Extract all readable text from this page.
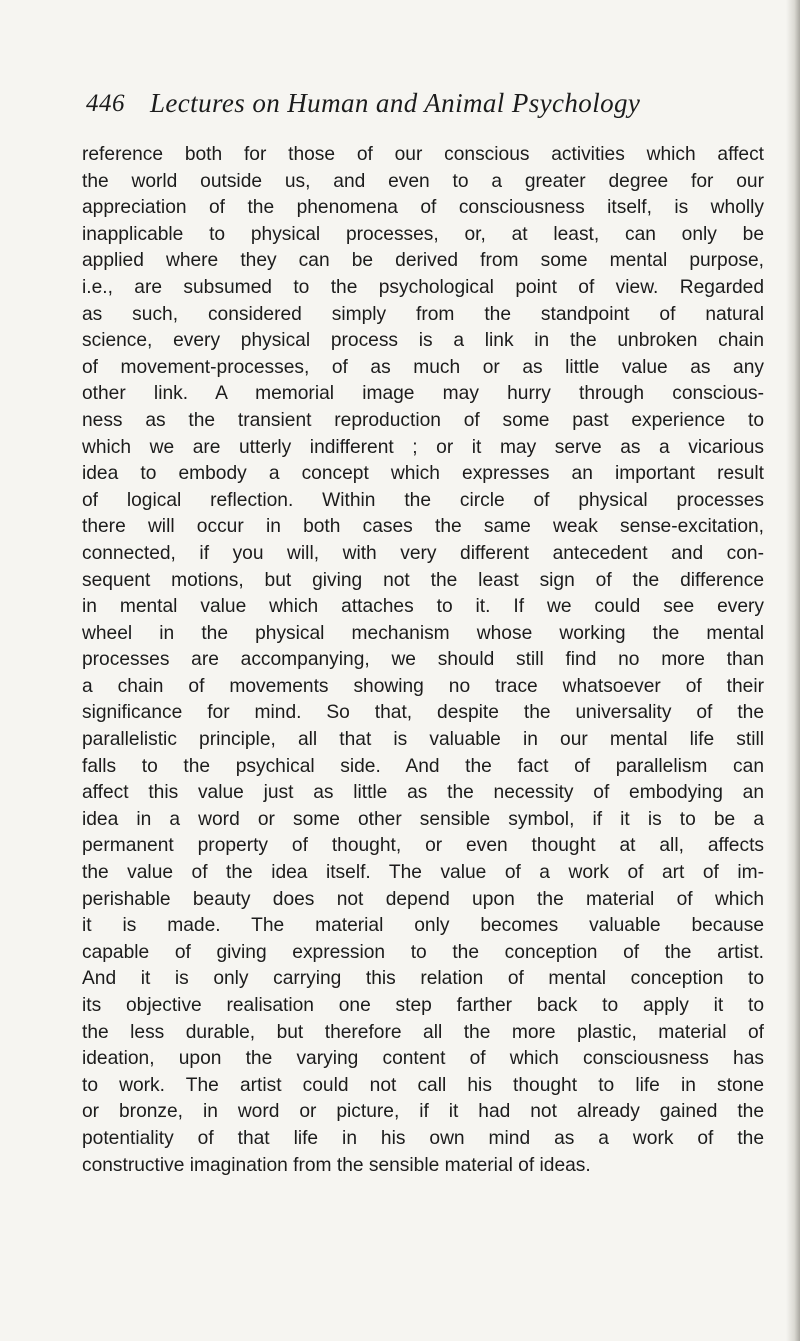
446 Lectures on Human and Animal Psychology
reference both for those of our conscious activities which affect
the world outside us, and even to a greater degree for our
appreciation of the phenomena of consciousness itself, is wholly
inapplicable to physical processes, or, at least, can only be
applied where they can be derived from some mental purpose,
i.e., are subsumed to the psychological point of view. Regarded
as such, considered simply from the standpoint of natural
science, every physical process is a link in the unbroken chain
of movement-processes, of as much or as little value as any
other link. A memorial image may hurry through conscious-
ness as the transient reproduction of some past experience to
which we are utterly indifferent ; or it may serve as a vicarious
idea to embody a concept which expresses an important result
of logical reflection. Within the circle of physical processes
there will occur in both cases the same weak sense-excitation,
connected, if you will, with very different antecedent and con-
sequent motions, but giving not the least sign of the difference
in mental value which attaches to it. If we could see every
wheel in the physical mechanism whose working the mental
processes are accompanying, we should still find no more than
a chain of movements showing no trace whatsoever of their
significance for mind. So that, despite the universality of the
parallelistic principle, all that is valuable in our mental life still
falls to the psychical side. And the fact of parallelism can
affect this value just as little as the necessity of embodying an
idea in a word or some other sensible symbol, if it is to be a
permanent property of thought, or even thought at all, affects
the value of the idea itself. The value of a work of art of im-
perishable beauty does not depend upon the material of which
it is made. The material only becomes valuable because
capable of giving expression to the conception of the artist.
And it is only carrying this relation of mental conception to
its objective realisation one step farther back to apply it to
the less durable, but therefore all the more plastic, material of
ideation, upon the varying content of which consciousness has
to work. The artist could not call his thought to life in stone
or bronze, in word or picture, if it had not already gained the
potentiality of that life in his own mind as a work of the
constructive imagination from the sensible material of ideas.
